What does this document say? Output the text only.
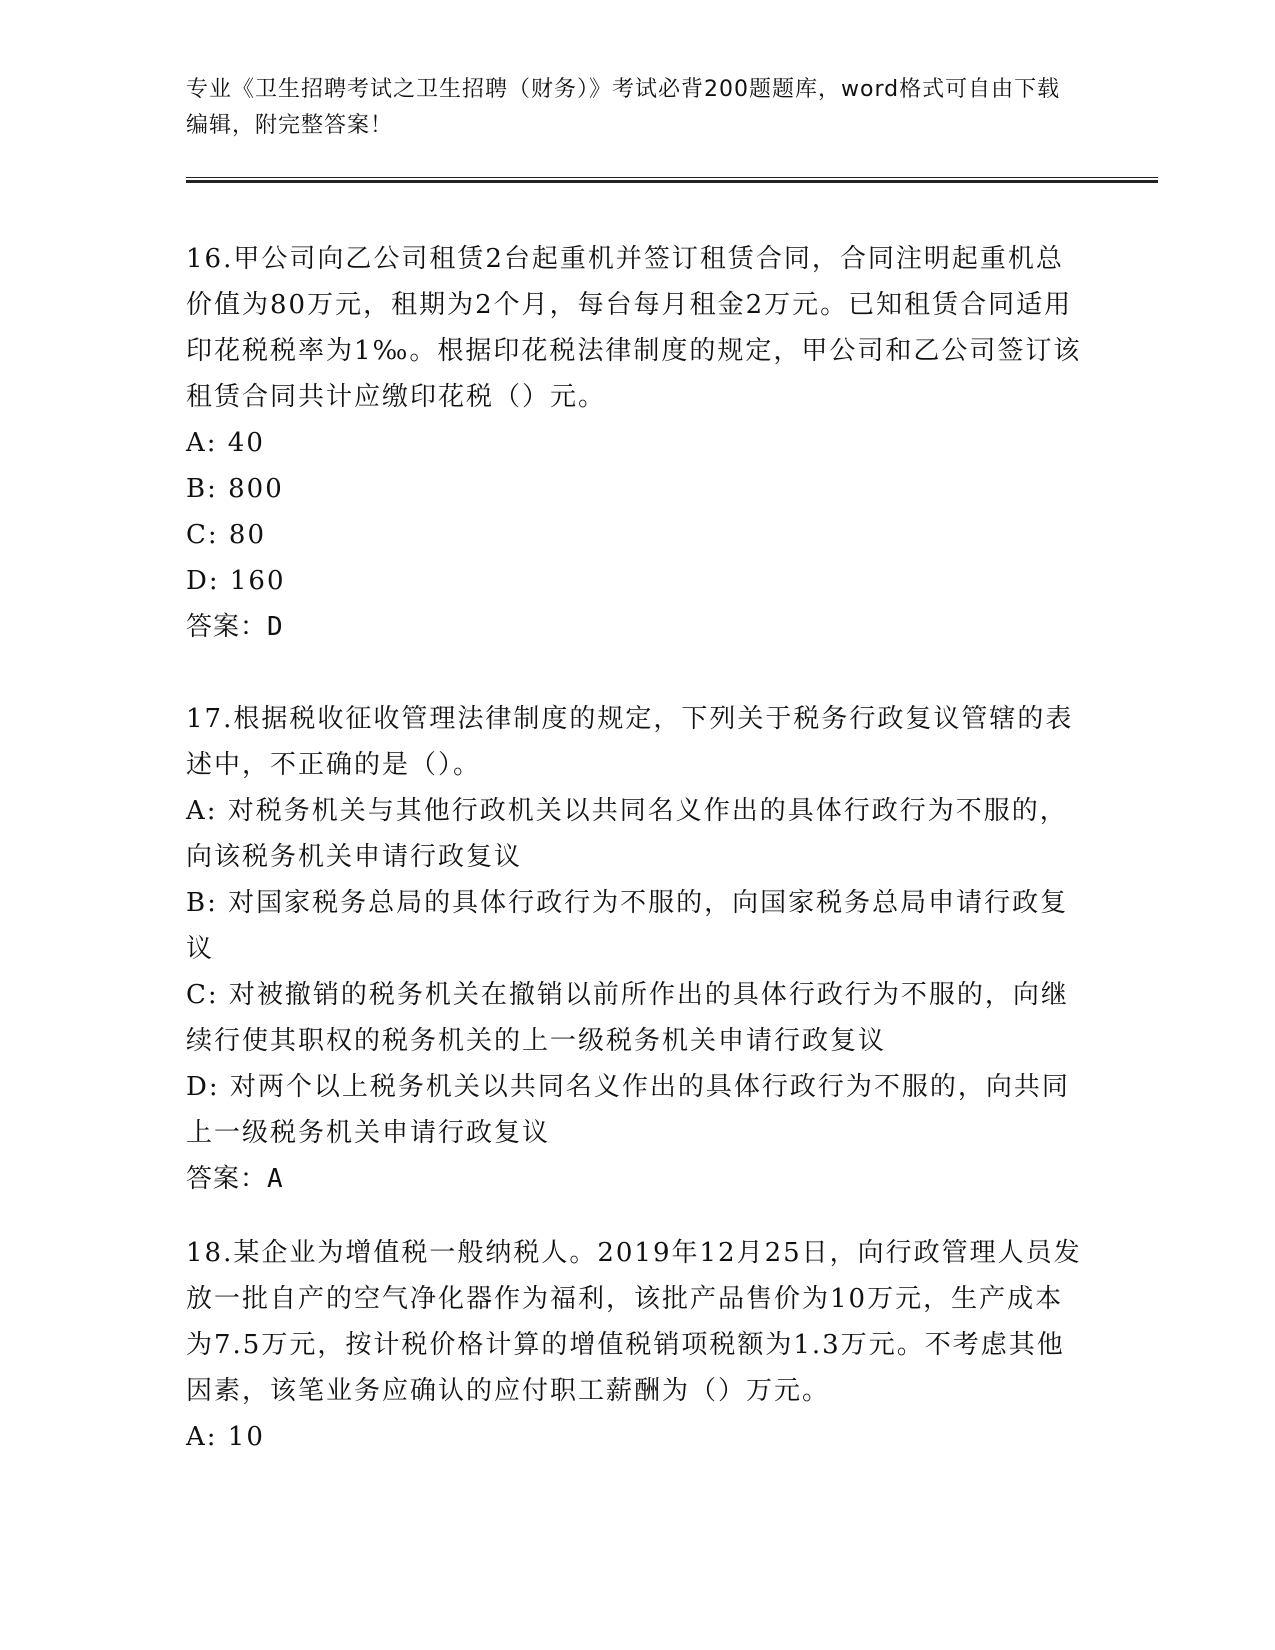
专业《卫生招聘考试之卫生招聘（财务）》考试必背200题题库，word格式可自由下载编辑，附完整答案！

16.甲公司向乙公司租赁2台起重机并签订租赁合同，合同注明起重机总价值为80万元，租期为2个月，每台每月租金2万元。已知租赁合同适用印花税税率为1‰。根据印花税法律制度的规定，甲公司和乙公司签订该租赁合同共计应缴印花税（）元。

A: 40

B: 800

C: 80

D: 160

答案：D

17.根据税收征收管理法律制度的规定，下列关于税务行政复议管辖的表述中，不正确的是（）。

A: 对税务机关与其他行政机关以共同名义作出的具体行政行为不服的，向该税务机关申请行政复议

B: 对国家税务总局的具体行政行为不服的，向国家税务总局申请行政复议

C: 对被撤销的税务机关在撤销以前所作出的具体行政行为不服的，向继续行使其职权的税务机关的上一级税务机关申请行政复议

D: 对两个以上税务机关以共同名义作出的具体行政行为不服的，向共同上一级税务机关申请行政复议

答案：A

18.某企业为增值税一般纳税人。2019年12月25日，向行政管理人员发放一批自产的空气净化器作为福利，该批产品售价为10万元，生产成本为7.5万元，按计税价格计算的增值税销项税额为1.3万元。不考虑其他因素，该笔业务应确认的应付职工薪酬为（）万元。

A: 10
